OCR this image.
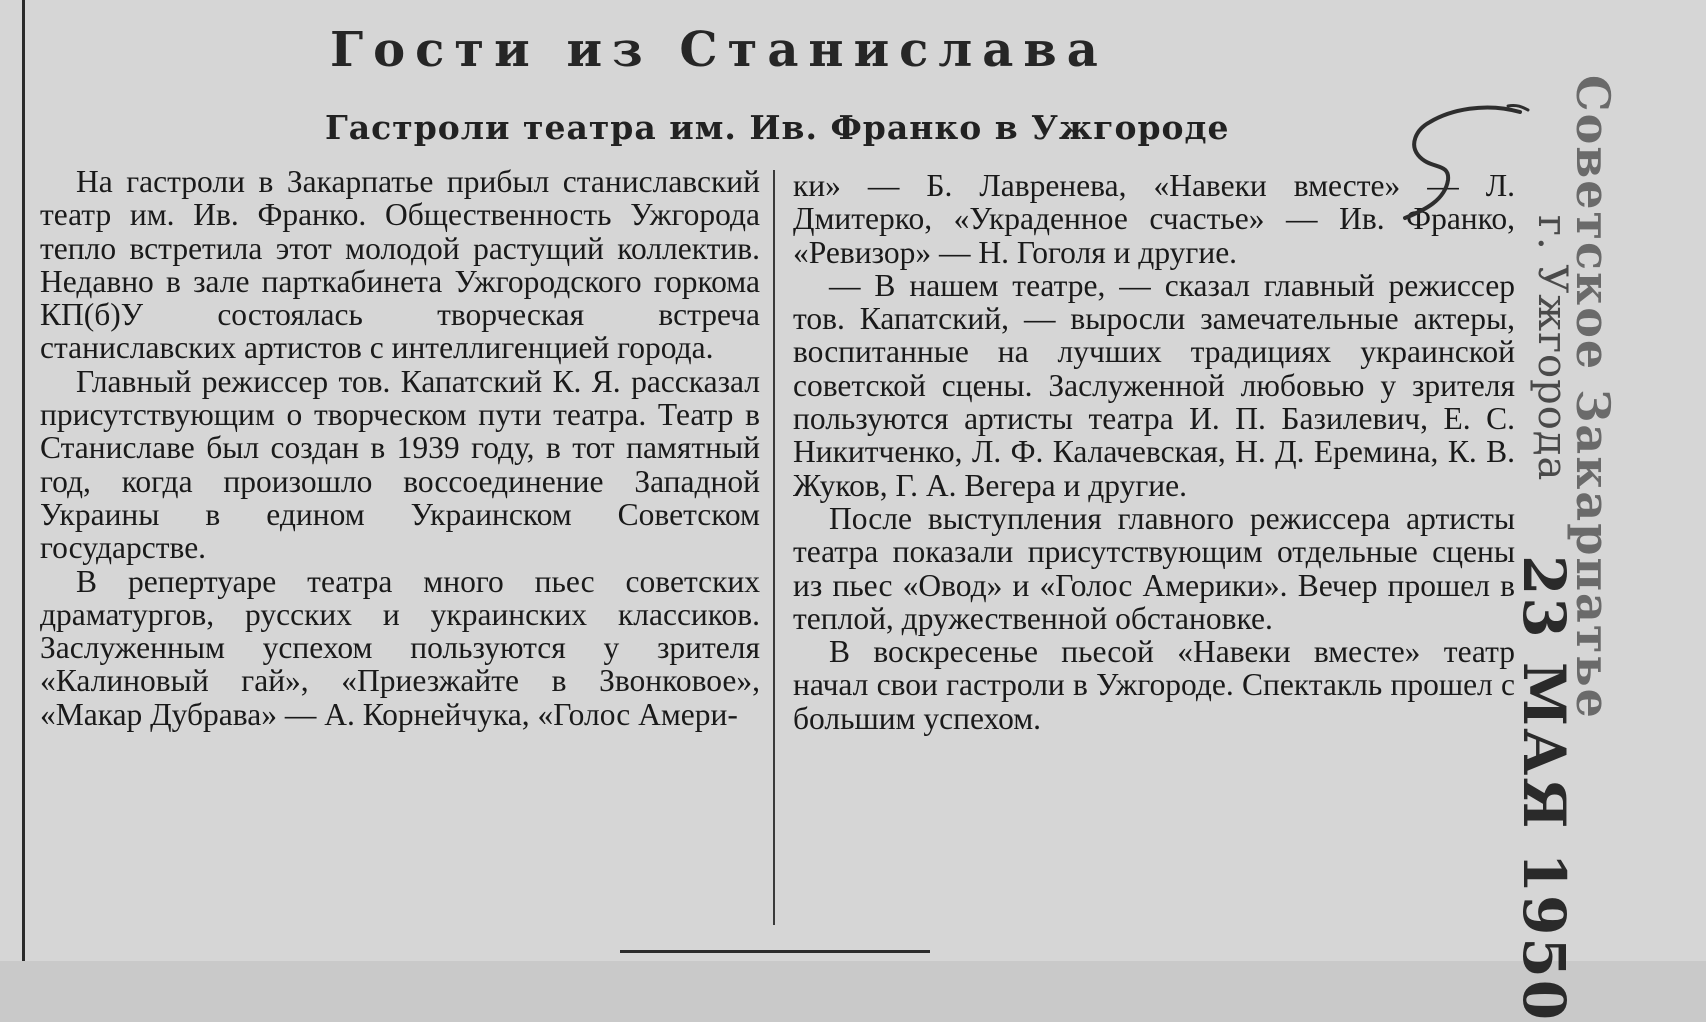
Гости из Станислава
Гастроли театра им. Ив. Франко в Ужгороде

На гастроли в Закарпатье прибыл станиславский театр им. Ив. Франко. Общественность Ужгорода тепло встретила этот молодой растущий коллектив. Недавно в зале парткабинета Ужгородского горкома КП(б)У состоялась творческая встреча станиславских артистов с интеллигенцией города.

Главный режиссер тов. Капатский К. Я. рассказал присутствующим о творческом пути театра. Театр в Станиславе был создан в 1939 году, в тот памятный год, когда произошло воссоединение Западной Украины в едином Украинском Советском государстве.

В репертуаре театра много пьес советских драматургов, русских и украинских классиков. Заслуженным успехом пользуются у зрителя «Калиновый гай», «Приезжайте в Звонковое», «Макар Дубрава» — А. Корнейчука, «Голос Амери-

ки» — Б. Лавренева, «Навеки вместе» — Л. Дмитерко, «Украденное счастье» — Ив. Франко, «Ревизор» — Н. Гоголя и другие.

— В нашем театре, — сказал главный режиссер тов. Капатский, — выросли замечательные актеры, воспитанные на лучших традициях украинской советской сцены. Заслуженной любовью у зрителя пользуются артисты театра И. П. Базилевич, Е. С. Никитченко, Л. Ф. Калачевская, Н. Д. Еремина, К. В. Жуков, Г. А. Вегера и другие.

После выступления главного режиссера артисты театра показали присутствующим отдельные сцены из пьес «Овод» и «Голос Америки». Вечер прошел в теплой, дружественной обстановке.

В воскресенье пьесой «Навеки вместе» театр начал свои гастроли в Ужгороде. Спектакль прошел с большим успехом.	Советское Закарпатье
г. Ужгорода
23 МАЯ 1950
